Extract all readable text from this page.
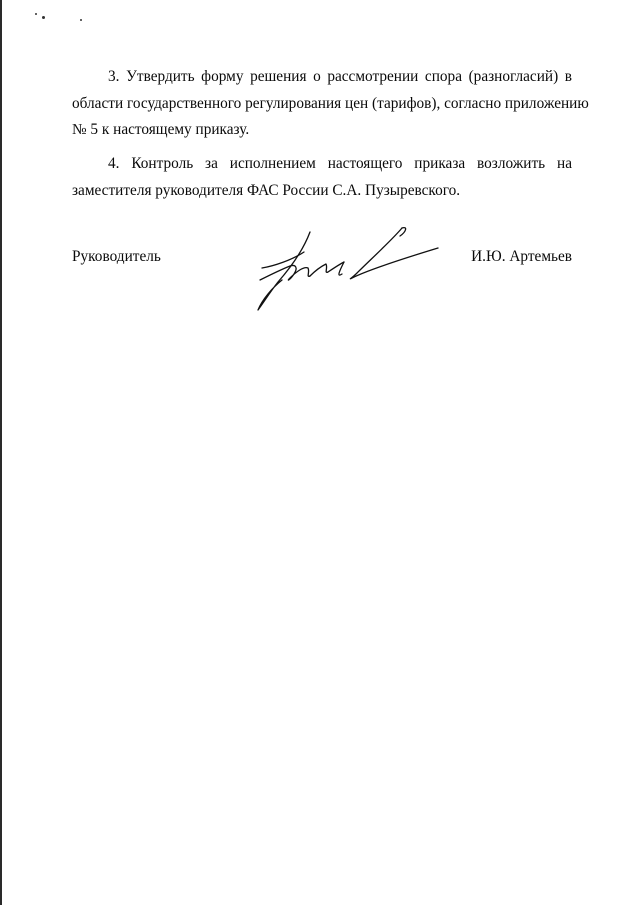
3. Утвердить форму решения о рассмотрении спора (разногласий) в
области государственного регулирования цен (тарифов), согласно приложению
№ 5 к настоящему приказу.
4. Контроль за исполнением настоящего приказа возложить на
заместителя руководителя ФАС России С.А. Пузыревского.
Руководитель	И.Ю. Артемьев
